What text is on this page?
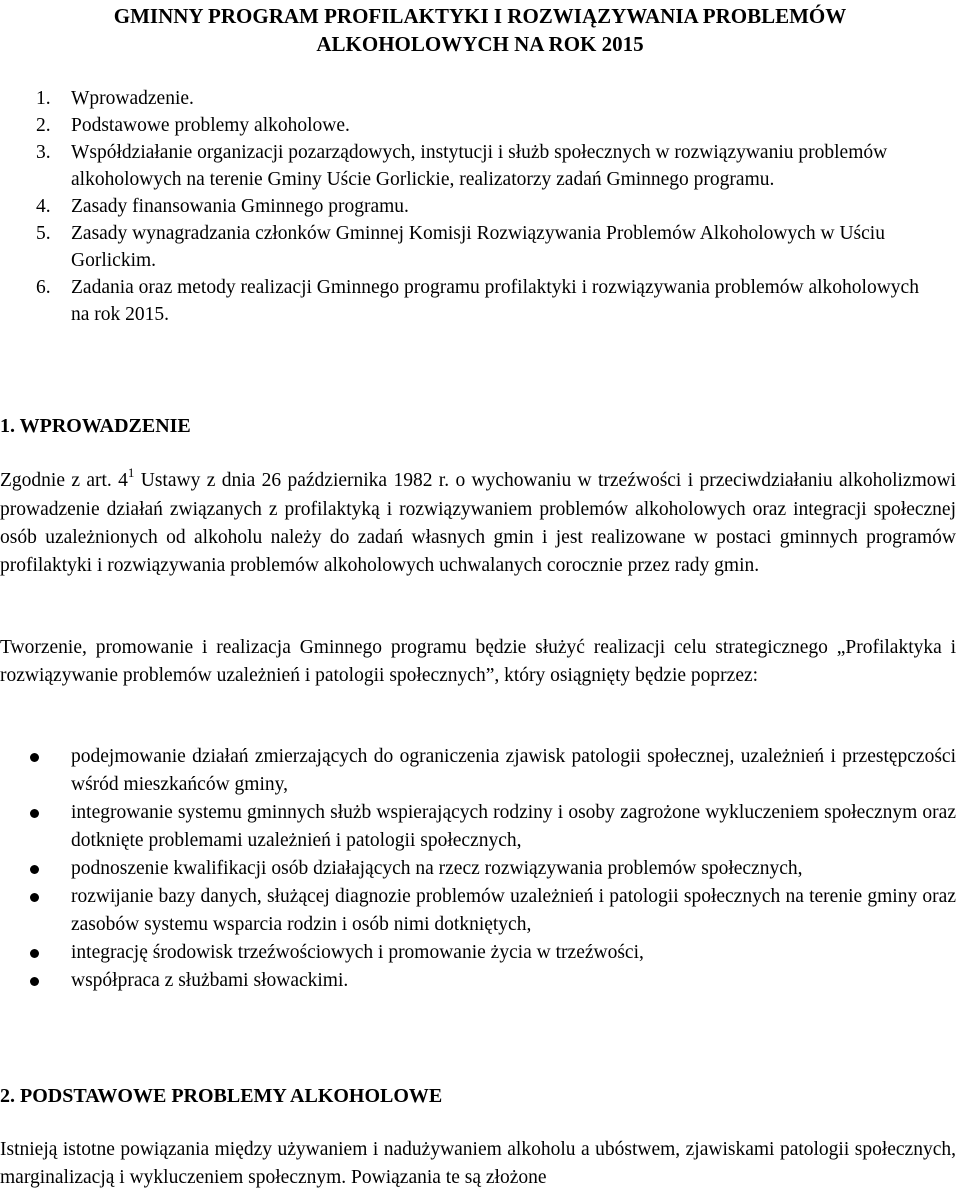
GMINNY PROGRAM PROFILAKTYKI I ROZWIĄZYWANIA PROBLEMÓW
ALKOHOLOWYCH NA ROK 2015
1. Wprowadzenie.
2. Podstawowe problemy alkoholowe.
3. Współdziałanie organizacji pozarządowych, instytucji i służb społecznych w rozwiązywaniu problemów alkoholowych na terenie Gminy Uście Gorlickie, realizatorzy zadań Gminnego programu.
4. Zasady finansowania Gminnego programu.
5. Zasady wynagradzania członków Gminnej Komisji Rozwiązywania Problemów Alkoholowych w Uściu Gorlickim.
6. Zadania oraz metody realizacji Gminnego programu profilaktyki i rozwiązywania problemów alkoholowych na rok 2015.
1. WPROWADZENIE

Zgodnie z art. $4^1$ Ustawy z dnia 26 października 1982 r. o wychowaniu w trzeźwości i przeciwdziałaniu alkoholizmowi prowadzenie działań związanych z profilaktyką i rozwiązywaniem problemów alkoholowych oraz integracji społecznej osób uzależnionych od alkoholu należy do zadań własnych gmin i jest realizowane w postaci gminnych programów profilaktyki i rozwiązywania problemów alkoholowych uchwalanych corocznie przez rady gmin.

Tworzenie, promowanie i realizacja Gminnego programu będzie służyć realizacji celu strategicznego „Profilaktyka i rozwiązywanie problemów uzależnień i patologii społecznych”, który osiągnięty będzie poprzez:

podejmowanie działań zmierzających do ograniczenia zjawisk patologii społecznej, uzależnień i przestępczości wśród mieszkańców gminy,
integrowanie systemu gminnych służb wspierających rodziny i osoby zagrożone wykluczeniem społecznym oraz dotknięte problemami uzależnień i patologii społecznych,
podnoszenie kwalifikacji osób działających na rzecz rozwiązywania problemów społecznych,
rozwijanie bazy danych, służącej diagnozie problemów uzależnień i patologii społecznych na terenie gminy oraz zasobów systemu wsparcia rodzin i osób nimi dotkniętych,
integrację środowisk trzeźwościowych i promowanie życia w trzeźwości,
współpraca z służbami słowackimi.
2. PODSTAWOWE PROBLEMY ALKOHOLOWE

Istnieją istotne powiązania między używaniem i nadużywaniem alkoholu a ubóstwem, zjawiskami patologii społecznych, marginalizacją i wykluczeniem społecznym. Powiązania te są złożone
